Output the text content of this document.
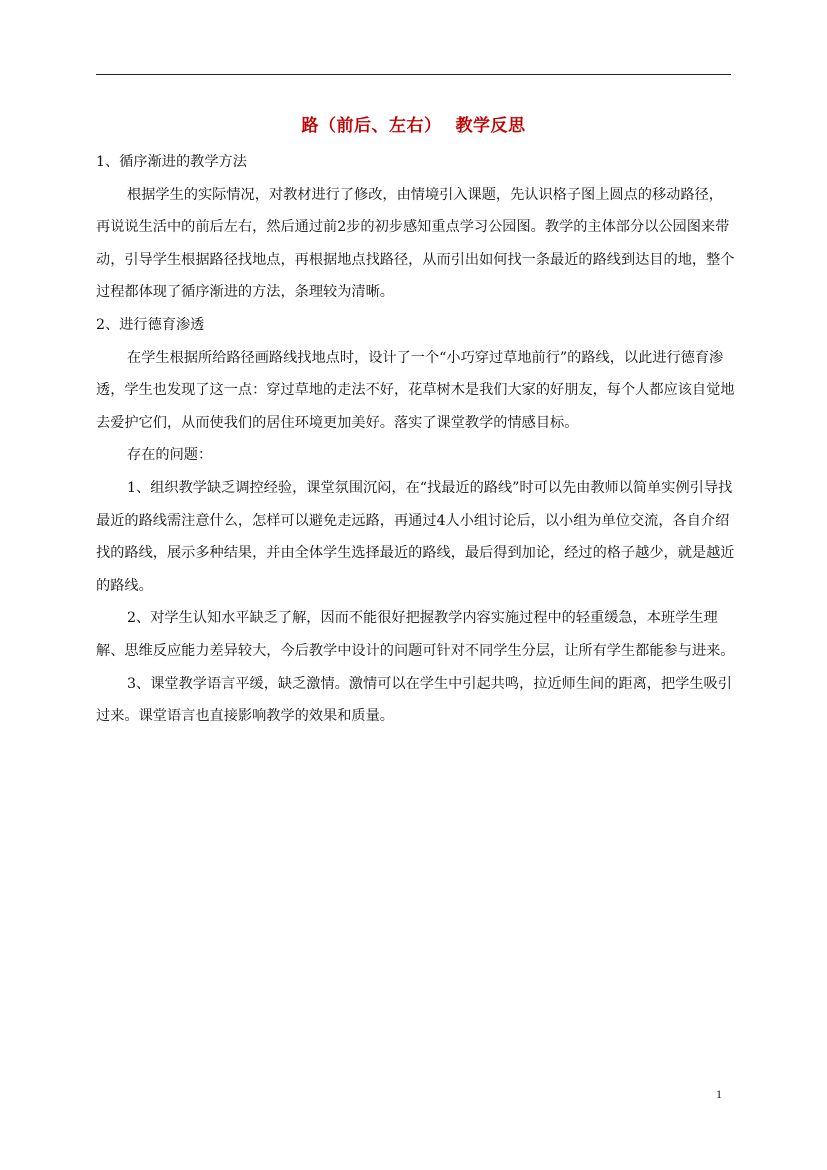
路（前后、左右） 教学反思

1、循序渐进的教学方法

根据学生的实际情况，对教材进行了修改，由情境引入课题，先认识格子图上圆点的移动路径，再说说生活中的前后左右，然后通过前2步的初步感知重点学习公园图。教学的主体部分以公园图来带动，引导学生根据路径找地点，再根据地点找路径，从而引出如何找一条最近的路线到达目的地，整个过程都体现了循序渐进的方法，条理较为清晰。

2、进行德育渗透

在学生根据所给路径画路线找地点时，设计了一个“小巧穿过草地前行”的路线，以此进行德育渗透，学生也发现了这一点：穿过草地的走法不好，花草树木是我们大家的好朋友，每个人都应该自觉地去爱护它们，从而使我们的居住环境更加美好。落实了课堂教学的情感目标。

存在的问题：

1、组织教学缺乏调控经验，课堂氛围沉闷，在“找最近的路线”时可以先由教师以简单实例引导找最近的路线需注意什么，怎样可以避免走远路，再通过4人小组讨论后，以小组为单位交流，各自介绍找的路线，展示多种结果，并由全体学生选择最近的路线，最后得到加论，经过的格子越少，就是越近的路线。

2、对学生认知水平缺乏了解，因而不能很好把握教学内容实施过程中的轻重缓急，本班学生理解、思维反应能力差异较大，今后教学中设计的问题可针对不同学生分层，让所有学生都能参与进来。

3、课堂教学语言平缓，缺乏激情。激情可以在学生中引起共鸣，拉近师生间的距离，把学生吸引过来。课堂语言也直接影响教学的效果和质量。

1
